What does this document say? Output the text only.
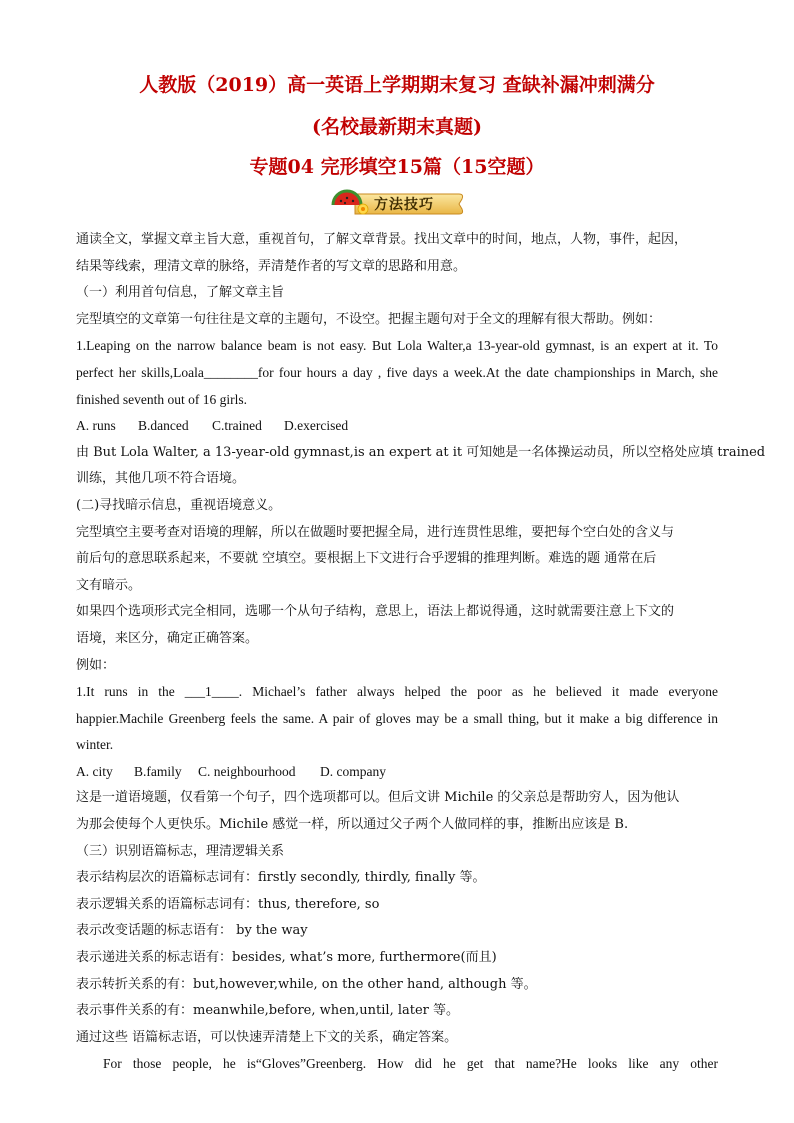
人教版（2019）高一英语上学期期末复习 查缺补漏冲刺满分
(名校最新期末真题)
专题04 完形填空15篇（15空题）
方法技巧
通读全文，掌握文章主旨大意，重视首句，了解文章背景。找出文章中的时间，地点，人物，事件，起因，
结果等线索，理清文章的脉络，弄清楚作者的写文章的思路和用意。
（一）利用首句信息，了解文章主旨
完型填空的文章第一句往往是文章的主题句，不设空。把握主题句对于全文的理解有很大帮助。例如：
1.Leaping on the narrow balance beam is not easy. But Lola Walter,a 13-year-old gymnast, is an expert at it. To
perfect her skills,Loala________for four hours a day , five days a week.At the date championships in March, she
finished seventh out of 16 girls.
A. runs B.danced C.trained D.exercised
由 But Lola Walter, a 13-year-old gymnast,is an expert at it 可知她是一名体操运动员，所以空格处应填 trained
训练，其他几项不符合语境。
(二)寻找暗示信息，重视语境意义。
完型填空主要考查对语境的理解，所以在做题时要把握全局，进行连贯性思维，要把每个空白处的含义与
前后句的意思联系起来，不要就 空填空。要根据上下文进行合乎逻辑的推理判断。难选的题 通常在后
文有暗示。
如果四个选项形式完全相同，选哪一个从句子结构，意思上，语法上都说得通，这时就需要注意上下文的
语境，来区分，确定正确答案。
例如：
1.It runs in the ___1____. Michael’s father always helped the poor as he believed it made everyone
happier.Machile Greenberg feels the same. A pair of gloves may be a small thing, but it make a big difference in
winter.
A. city B.family C. neighbourhood D. company
这是一道语境题，仅看第一个句子，四个选项都可以。但后文讲 Michile 的父亲总是帮助穷人，因为他认
为那会使每个人更快乐。Michile 感觉一样，所以通过父子两个人做同样的事，推断出应该是 B.
（三）识别语篇标志，理清逻辑关系
表示结构层次的语篇标志词有：firstly secondly, thirdly, finally 等。
表示逻辑关系的语篇标志词有：thus, therefore, so
表示改变话题的标志语有： by the way
表示递进关系的标志语有：besides, what’s more, furthermore(而且)
表示转折关系的有：but,however,while, on the other hand, although 等。
表示事件关系的有：meanwhile,before, when,until, later 等。
通过这些 语篇标志语，可以快速弄清楚上下文的关系，确定答案。
For those people, he is“Gloves”Greenberg. How did he get that name?He looks like any other
